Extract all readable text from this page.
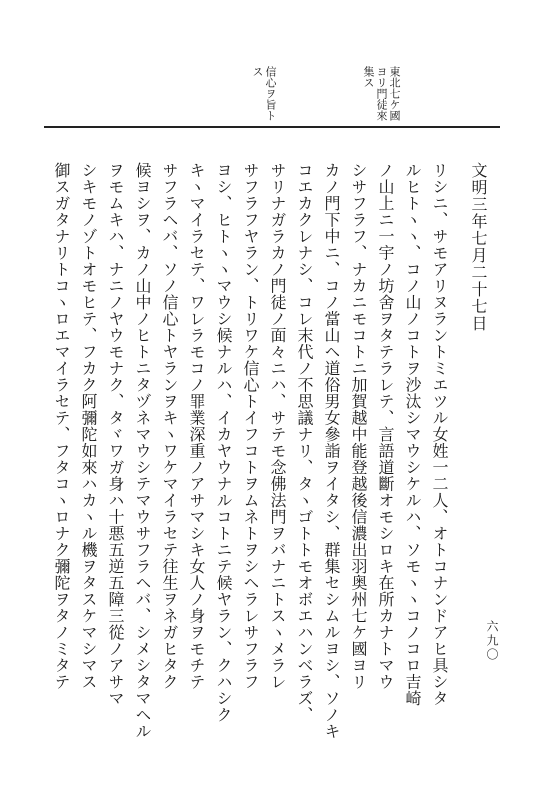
東北七ケ國ヨリ門徒來集ス
信心ヲ旨トス
六九〇

文明三年七月二十七日

リシニ、サモアリヌラントミエツル女姓一二人、オトコナンドアヒ具シタ

ルヒトヽヽ、コノ山ノコトヲ沙汰シマウシケルハ、ソモヽヽコノコロ吉崎

ノ山上ニ一宇ノ坊舍ヲタテラレテ、言語道斷オモシロキ在所カナトマウ

シサフラフ、ナカニモコトニ加賀越中能登越後信濃出羽奥州七ケ國ヨリ

カノ門下中ニ、コノ當山ヘ道俗男女參詣ヲイタシ、群集セシムルヨシ、ソノキ

コエカクレナシ、コレ末代ノ不思議ナリ、タヽゴトトモオボエハンベラズ、

サリナガラカノ門徒ノ面々ニハ、サテモ念佛法門ヲバナニトスヽメラレ

サフラフヤラン、トリワケ信心トイフコトヲムネトヲシヘラレサフラフ

ヨシ、ヒトヽヽマウシ候ナルハ、イカヤウナルコトニテ候ヤラン、クハシク

キヽマイラセテ、ワレラモコノ罪業深重ノアサマシキ女人ノ身ヲモチテ

サフラヘバ、ソノ信心トヤランヲキヽワケマイラセテ往生ヲネガヒタク

候ヨシヲ、カノ山中ノヒトニタヅネマウシテマウサフラヘバ、シメシタマヘル

ヲモムキハ、ナニノヤウモナク、タヾワガ身ハ十悪五逆五障三從ノアサマ

シキモノゾトオモヒテ、フカク阿彌陀如來ハカヽル機ヲタスケマシマス

御スガタナリトコヽロエマイラセテ、フタコヽロナク彌陀ヲタノミタテ
